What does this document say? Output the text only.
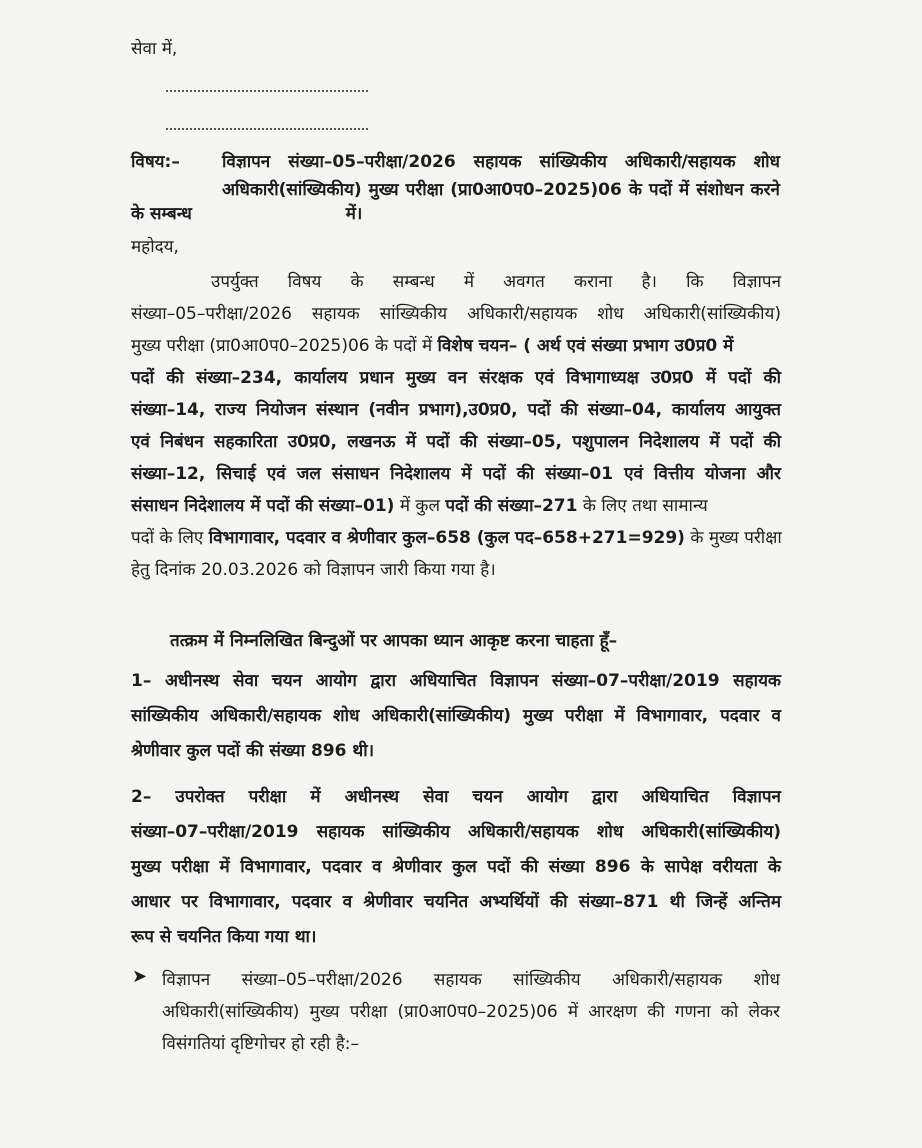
सेवा में,
विषय:– विज्ञापन संख्या–05–परीक्षा/2026 सहायक सांख्यिकीय अधिकारी/सहायक शोध
अधिकारी(सांख्यिकीय) मुख्य परीक्षा (प्रा0आ0प0–2025)06 के पदों में संशोधन करने
के सम्बन्ध	में।
महोदय,
उपर्युक्त विषय के सम्बन्ध में अवगत कराना है। कि विज्ञापन
संख्या–05–परीक्षा/2026 सहायक सांख्यिकीय अधिकारी/सहायक शोध अधिकारी(सांख्यिकीय)
मुख्य परीक्षा (प्रा0आ0प0–2025)06 के पदों में विशेष चयन– ( अर्थ एवं संख्या प्रभाग उ0प्र0 में
पदों की संख्या–234, कार्यालय प्रधान मुख्य वन संरक्षक एवं विभागाध्यक्ष उ0प्र0 में पदों की
संख्या–14, राज्य नियोजन संस्थान (नवीन प्रभाग),उ0प्र0, पदों की संख्या–04, कार्यालय आयुक्त
एवं निबंधन सहकारिता उ0प्र0, लखनऊ में पदों की संख्या–05, पशुपालन निदेशालय में पदों की
संख्या–12, सिचाई एवं जल संसाधन निदेशालय में पदों की संख्या–01 एवं वित्तीय योजना और
संसाधन निदेशालय में पदों की संख्या–01) में कुल पदों की संख्या–271 के लिए तथा सामान्य
पदों के लिए विभागावार, पदवार व श्रेणीवार कुल–658 (कुल पद–658+271=929) के मुख्य परीक्षा
हेतु दिनांक 20.03.2026 को विज्ञापन जारी किया गया है।
तत्क्रम में निम्नलिखित बिन्दुओं पर आपका ध्यान आकृष्ट करना चाहता हूँ–
1– अधीनस्थ सेवा चयन आयोग द्वारा अधियाचित विज्ञापन संख्या–07–परीक्षा/2019 सहायक
सांख्यिकीय अधिकारी/सहायक शोध अधिकारी(सांख्यिकीय) मुख्य परीक्षा में विभागावार, पदवार व
श्रेणीवार कुल पदों की संख्या 896 थी।
2– उपरोक्त परीक्षा में अधीनस्थ सेवा चयन आयोग द्वारा अधियाचित विज्ञापन
संख्या–07–परीक्षा/2019 सहायक सांख्यिकीय अधिकारी/सहायक शोध अधिकारी(सांख्यिकीय)
मुख्य परीक्षा में विभागावार, पदवार व श्रेणीवार कुल पदों की संख्या 896 के सापेक्ष वरीयता के
आधार पर विभागावार, पदवार व श्रेणीवार चयनित अभ्यर्थियों की संख्या–871 थी जिन्हें अन्तिम
रूप से चयनित किया गया था।
➤ विज्ञापन संख्या–05–परीक्षा/2026 सहायक सांख्यिकीय अधिकारी/सहायक शोध
अधिकारी(सांख्यिकीय) मुख्य परीक्षा (प्रा0आ0प0–2025)06 में आरक्षण की गणना को लेकर
विसंगतियां दृष्टिगोचर हो रही है:–
